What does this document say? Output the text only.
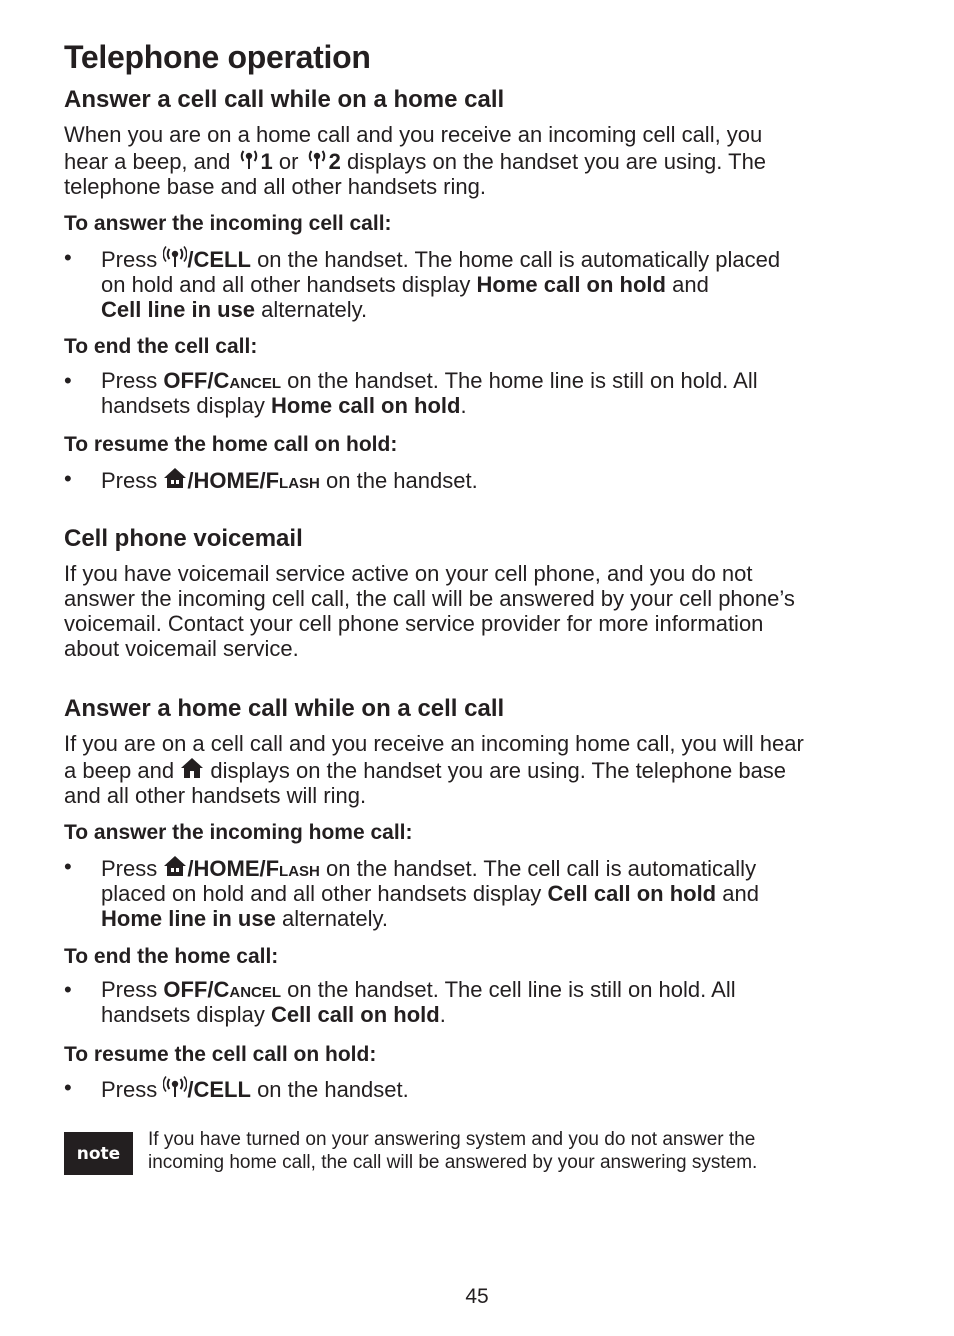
Telephone operation
Answer a cell call while on a home call
When you are on a home call and you receive an incoming cell call, you
hear a beep, and 1 or 2 displays on the handset you are using. The
telephone base and all other handsets ring.
To answer the incoming cell call:
• Press /CELL on the handset. The home call is automatically placed
on hold and all other handsets display Home call on hold and
Cell line in use alternately.
To end the cell call:
• Press OFF/Cancel on the handset. The home line is still on hold. All
handsets display Home call on hold.
To resume the home call on hold:
• Press /HOME/Flash on the handset.
Cell phone voicemail
If you have voicemail service active on your cell phone, and you do not
answer the incoming cell call, the call will be answered by your cell phone’s
voicemail. Contact your cell phone service provider for more information
about voicemail service.
Answer a home call while on a cell call
If you are on a cell call and you receive an incoming home call, you will hear
a beep and displays on the handset you are using. The telephone base
and all other handsets will ring.
To answer the incoming home call:
• Press /HOME/Flash on the handset. The cell call is automatically
placed on hold and all other handsets display Cell call on hold and
Home line in use alternately.
To end the home call:
• Press OFF/Cancel on the handset. The cell line is still on hold. All
handsets display Cell call on hold.
To resume the cell call on hold:
• Press /CELL on the handset.
note
If you have turned on your answering system and you do not answer the
incoming home call, the call will be answered by your answering system.
45
